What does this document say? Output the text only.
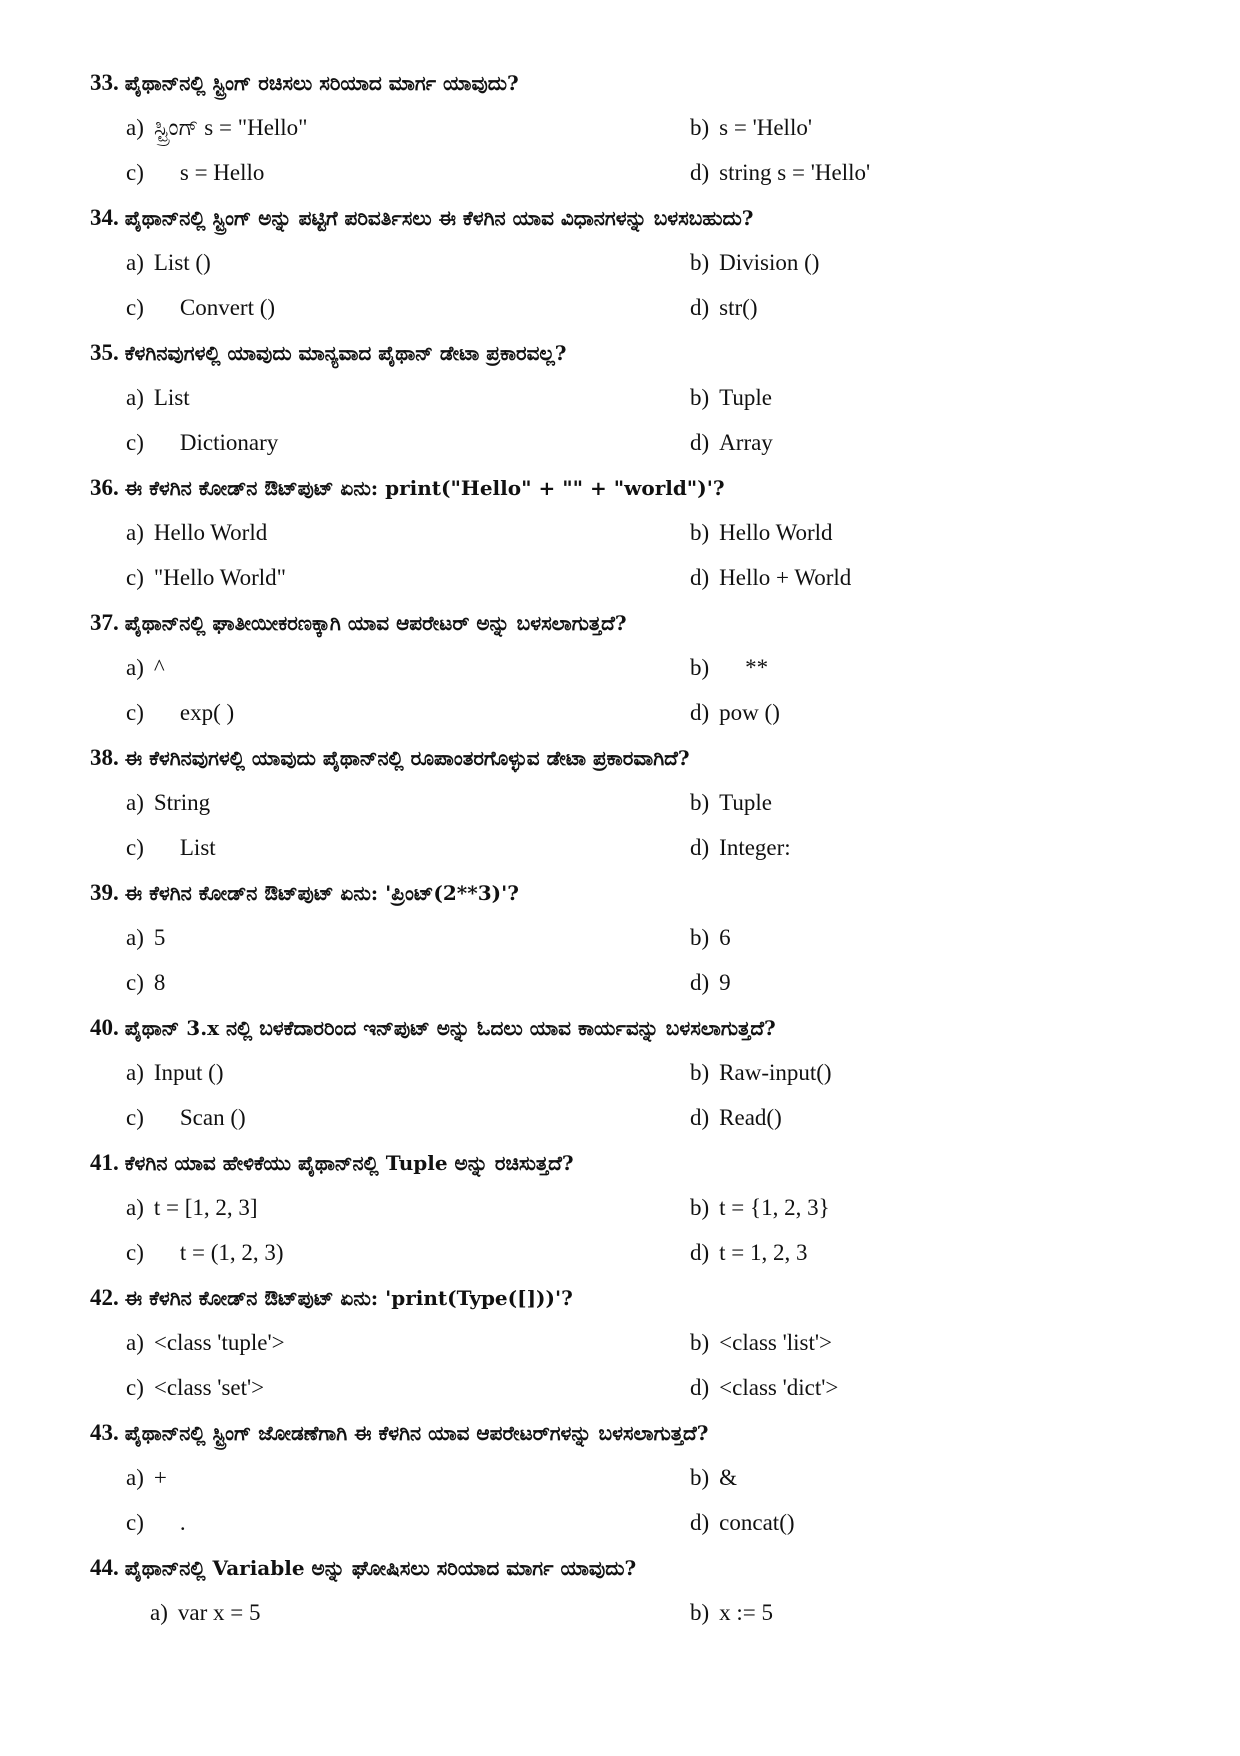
33. ಪೈಥಾನ್‌ನಲ್ಲಿ ಸ್ಟ್ರಿಂಗ್ ರಚಿಸಲು ಸರಿಯಾದ ಮಾರ್ಗ ಯಾವುದು?
a) ಸ್ಟ್ರಿಂಗ್ s = "Hello"	b) s = 'Hello'
c) s = Hello	d) string s = 'Hello'
34. ಪೈಥಾನ್‌ನಲ್ಲಿ ಸ್ಟ್ರಿಂಗ್ ಅನ್ನು ಪಟ್ಟಿಗೆ ಪರಿವರ್ತಿಸಲು ಈ ಕೆಳಗಿನ ಯಾವ ವಿಧಾನಗಳನ್ನು ಬಳಸಬಹುದು?
a) List ()	b) Division ()
c) Convert ()	d) str()
35. ಕೆಳಗಿನವುಗಳಲ್ಲಿ ಯಾವುದು ಮಾನ್ಯವಾದ ಪೈಥಾನ್ ಡೇಟಾ ಪ್ರಕಾರವಲ್ಲ?
a) List	b) Tuple
c) Dictionary	d) Array
36. ಈ ಕೆಳಗಿನ ಕೋಡ್‌ನ ಔಟ್‌ಪುಟ್ ಏನು: print("Hello" + "" + "world")'?
a) Hello World	b) Hello World
c) "Hello World"	d) Hello + World
37. ಪೈಥಾನ್‌ನಲ್ಲಿ ಘಾತೀಯೀಕರಣಕ್ಕಾಗಿ ಯಾವ ಆಪರೇಟರ್ ಅನ್ನು ಬಳಸಲಾಗುತ್ತದೆ?
a) ^	b) **
c) exp( )	d) pow ()
38. ಈ ಕೆಳಗಿನವುಗಳಲ್ಲಿ ಯಾವುದು ಪೈಥಾನ್‌ನಲ್ಲಿ ರೂಪಾಂತರಗೊಳ್ಳುವ ಡೇಟಾ ಪ್ರಕಾರವಾಗಿದೆ?
a) String	b) Tuple
c) List	d) Integer:
39. ಈ ಕೆಳಗಿನ ಕೋಡ್‌ನ ಔಟ್‌ಪುಟ್ ಏನು: 'ಪ್ರಿಂಟ್(2**3)'?
a) 5	b) 6
c) 8	d) 9
40. ಪೈಥಾನ್ 3.x ನಲ್ಲಿ ಬಳಕೆದಾರರಿಂದ ಇನ್‌ಪುಟ್ ಅನ್ನು ಓದಲು ಯಾವ ಕಾರ್ಯವನ್ನು ಬಳಸಲಾಗುತ್ತದೆ?
a) Input ()	b) Raw-input()
c) Scan ()	d) Read()
41. ಕೆಳಗಿನ ಯಾವ ಹೇಳಿಕೆಯು ಪೈಥಾನ್‌ನಲ್ಲಿ Tuple ಅನ್ನು ರಚಿಸುತ್ತದೆ?
a) t = [1, 2, 3]	b) t = {1, 2, 3}
c) t = (1, 2, 3)	d) t = 1, 2, 3
42. ಈ ಕೆಳಗಿನ ಕೋಡ್‌ನ ಔಟ್‌ಪುಟ್ ಏನು: 'print(Type([]))'?
a) <class 'tuple'>	b) <class 'list'>
c) <class 'set'>	d) <class 'dict'>
43. ಪೈಥಾನ್‌ನಲ್ಲಿ ಸ್ಟ್ರಿಂಗ್ ಜೋಡಣೆಗಾಗಿ ಈ ಕೆಳಗಿನ ಯಾವ ಆಪರೇಟರ್‌ಗಳನ್ನು ಬಳಸಲಾಗುತ್ತದೆ?
a) +	b) &
c) .	d) concat()
44. ಪೈಥಾನ್‌ನಲ್ಲಿ Variable ಅನ್ನು ಘೋಷಿಸಲು ಸರಿಯಾದ ಮಾರ್ಗ ಯಾವುದು?
a) var x = 5	b) x := 5
